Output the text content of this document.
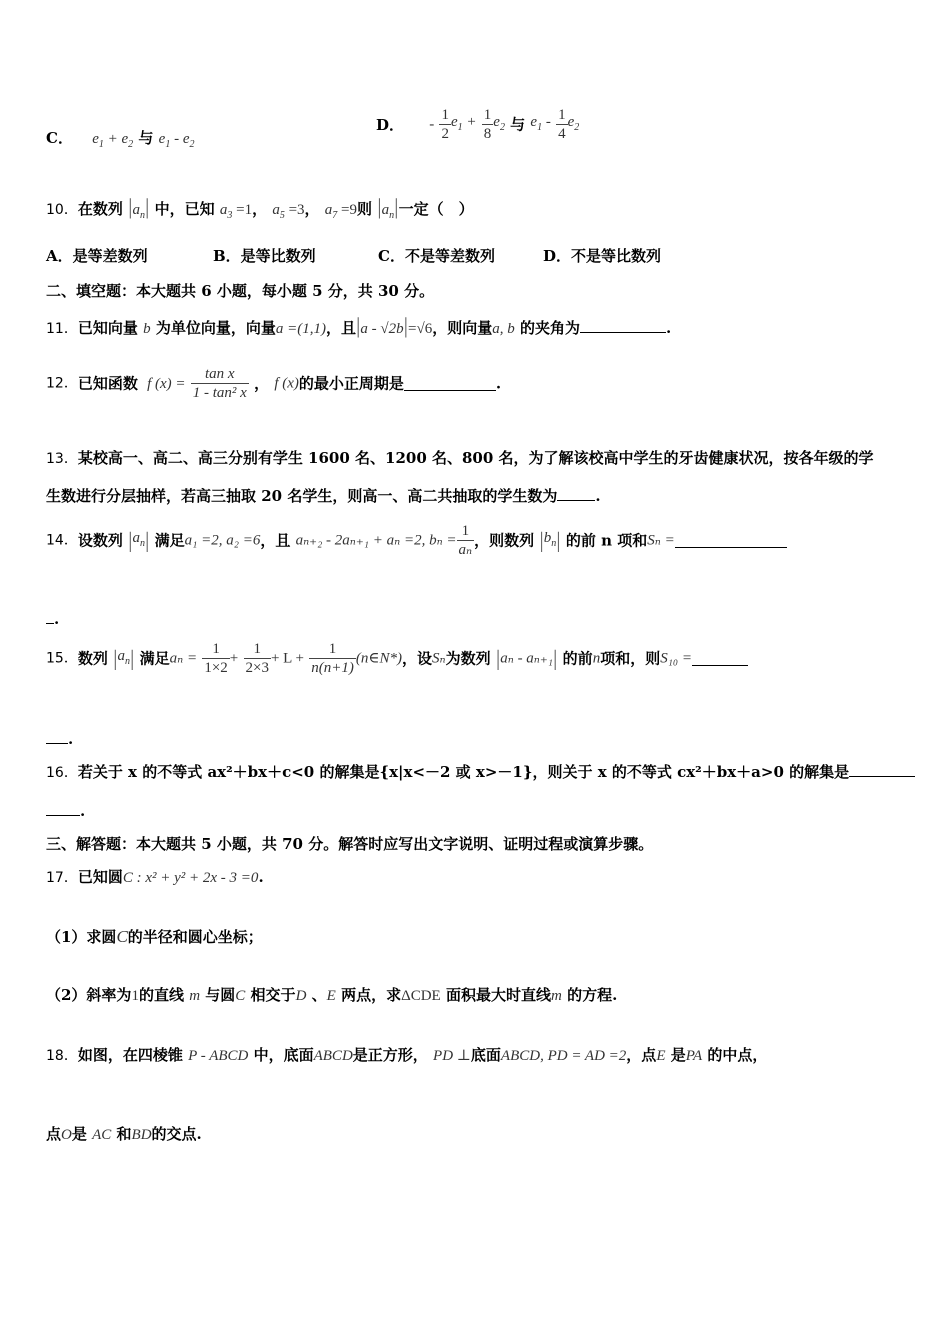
C． $e_1 + e_2$ 与 $e_1 - e_2$
D． - $\frac{1}{2} e_1 + \frac{1}{8} e_2$ 与 $e_1 - \frac{1}{4} e_2$
10．在数列 $|a_n|$ 中，已知 $a_3 =1$， $a_5 =3$， $a_7 =9$则 $|a_n|$一定（　）
A．是等差数列	B．是等比数列	C．不是等差数列	D．不是等比数列
二、填空题：本大题共 6 小题，每小题 5 分，共 30 分。
11．已知向量 b 为单位向量，向量a =(1,1)，且|a - √2b|=√6，则向量a, b 的夹角为	.
12．已知函数 f $(x) = \frac{\text{tan x}}{\text{1 - tan² x}}$ ， f (x)的最小正周期是	.
13．某校高一、高二、高三分别有学生 1600 名、1200 名、800 名，为了解该校高中学生的牙齿健康状况，按各年级的学
生数进行分层抽样，若高三抽取 20 名学生，则高一、高二共抽取的学生数为	.
14．设数列 $|a_n|$ 满足a₁ =2, a₂ =6，且 aₙ₊₂ - 2aₙ₊₁ + aₙ =2, $b_n = \frac{1}{\text{aₙ}}$ ，则数列 $|b_n|$ 的前 n 项和Sₙ =
.
15．数列 $|a_n|$ 满足$a_n = \frac{1}{1\times 2} + \frac{1}{2\times 3} + L + \frac{1}{n(n+1)}$ (n∈N*)，设Sₙ为数列 |aₙ - aₙ₊₁| 的前n项和，则S₁₀ =
.
16．若关于 x 的不等式 ax²＋bx＋c<0 的解集是{x|x<－2 或 x>－1}，则关于 x 的不等式 cx²＋bx＋a>0 的解集是
.
三、解答题：本大题共 5 小题，共 70 分。解答时应写出文字说明、证明过程或演算步骤。
17．已知圆C : x² + y² + 2x - 3 =0.
（1）求圆C的半径和圆心坐标；
（2）斜率为1的直线 m 与圆C 相交于D 、E 两点，求ΔCDE 面积最大时直线m 的方程.
18．如图，在四棱锥 P - ABCD 中，底面ABCD是正方形， PD ⊥底面ABCD, PD = AD =2，点E 是PA 的中点，
点O是 AC 和BD的交点.
